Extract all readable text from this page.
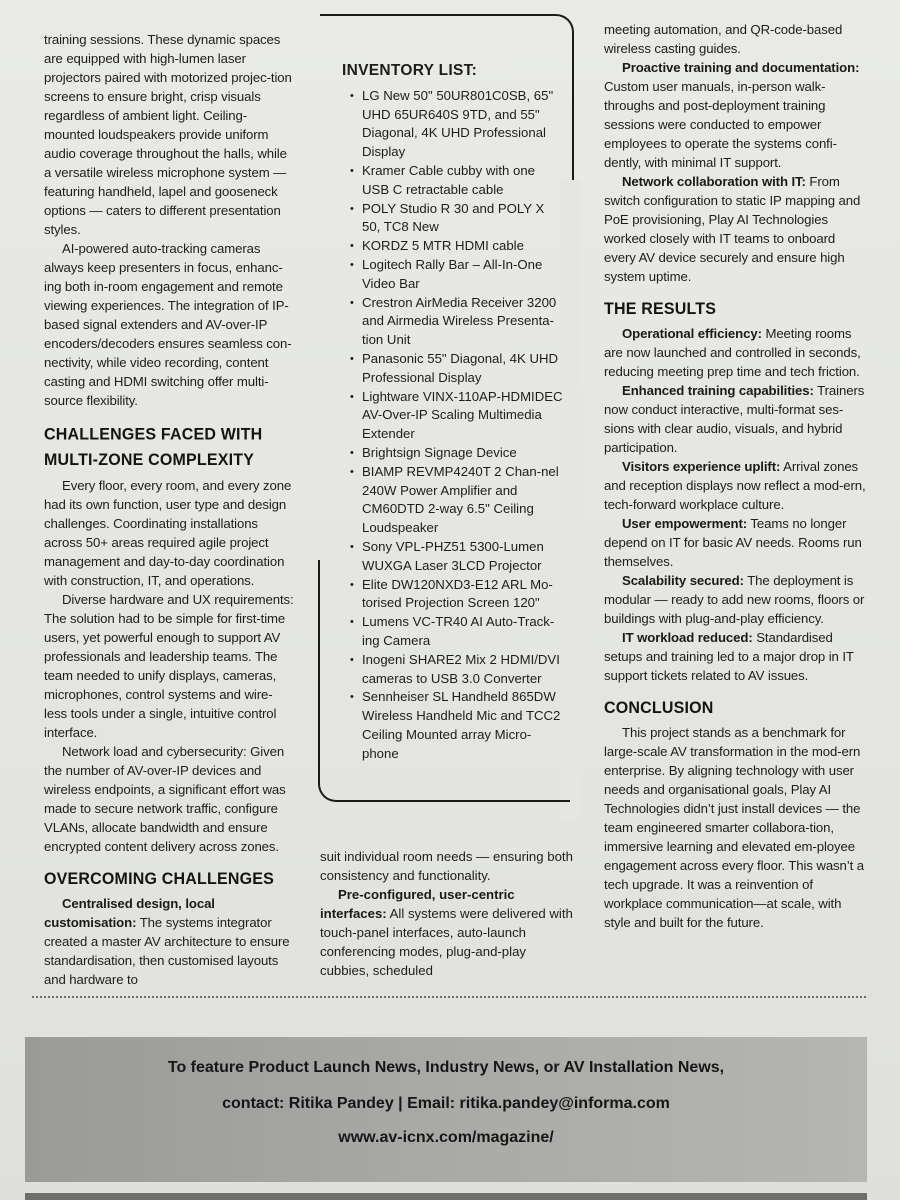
training sessions. These dynamic spaces are equipped with high-lumen laser projectors paired with motorized projec-tion screens to ensure bright, crisp visuals regardless of ambient light. Ceiling-mounted loudspeakers provide uniform audio coverage throughout the halls, while a versatile wireless microphone system — featuring handheld, lapel and gooseneck options — caters to different presentation styles.

AI-powered auto-tracking cameras always keep presenters in focus, enhanc-ing both in-room engagement and remote viewing experiences. The integration of IP-based signal extenders and AV-over-IP encoders/decoders ensures seamless con-nectivity, while video recording, content casting and HDMI switching offer multi-source flexibility.

CHALLENGES FACED WITH MULTI-ZONE COMPLEXITY

Every floor, every room, and every zone had its own function, user type and design challenges. Coordinating installations across 50+ areas required agile project management and day-to-day coordination with construction, IT, and operations.

Diverse hardware and UX requirements: The solution had to be simple for first-time users, yet powerful enough to support AV professionals and leadership teams. The team needed to unify displays, cameras, microphones, control systems and wire-less tools under a single, intuitive control interface.

Network load and cybersecurity: Given the number of AV-over-IP devices and wireless endpoints, a significant effort was made to secure network traffic, configure VLANs, allocate bandwidth and ensure encrypted content delivery across zones.

OVERCOMING CHALLENGES

Centralised design, local customisation: The systems integrator created a master AV architecture to ensure standardisation, then customised layouts and hardware to

INVENTORY LIST:
• LG New 50" 50UR801C0SB, 65" UHD 65UR640S 9TD, and 55" Diagonal, 4K UHD Professional Display
• Kramer Cable cubby with one USB C retractable cable
• POLY Studio R 30 and POLY X 50, TC8 New
• KORDZ 5 MTR HDMI cable
• Logitech Rally Bar – All-In-One Video Bar
• Crestron AirMedia Receiver 3200 and Airmedia Wireless Presenta-tion Unit
• Panasonic 55" Diagonal, 4K UHD Professional Display
• Lightware VINX-110AP-HDMIDEC AV-Over-IP Scaling Multimedia Extender
• Brightsign Signage Device
• BIAMP REVMP4240T 2 Chan-nel 240W Power Amplifier and CM60DTD 2-way 6.5" Ceiling Loudspeaker
• Sony VPL-PHZ51 5300-Lumen WUXGA Laser 3LCD Projector
• Elite DW120NXD3-E12 ARL Mo-torised Projection Screen 120"
• Lumens VC-TR40 AI Auto-Track-ing Camera
• Inogeni SHARE2 Mix 2 HDMI/DVI cameras to USB 3.0 Converter
• Sennheiser SL Handheld 865DW Wireless Handheld Mic and TCC2 Ceiling Mounted array Micro-phone

suit individual room needs — ensuring both consistency and functionality.

Pre-configured, user-centric interfaces: All systems were delivered with touch-panel interfaces, auto-launch conferencing modes, plug-and-play cubbies, scheduled

meeting automation, and QR-code-based wireless casting guides.

Proactive training and documentation: Custom user manuals, in-person walk-throughs and post-deployment training sessions were conducted to empower employees to operate the systems confi-dently, with minimal IT support.

Network collaboration with IT: From switch configuration to static IP mapping and PoE provisioning, Play AI Technologies worked closely with IT teams to onboard every AV device securely and ensure high system uptime.

THE RESULTS

Operational efficiency: Meeting rooms are now launched and controlled in seconds, reducing meeting prep time and tech friction.

Enhanced training capabilities: Trainers now conduct interactive, multi-format ses-sions with clear audio, visuals, and hybrid participation.

Visitors experience uplift: Arrival zones and reception displays now reflect a mod-ern, tech-forward workplace culture.

User empowerment: Teams no longer depend on IT for basic AV needs. Rooms run themselves.

Scalability secured: The deployment is modular — ready to add new rooms, floors or buildings with plug-and-play efficiency.

IT workload reduced: Standardised setups and training led to a major drop in IT support tickets related to AV issues.

CONCLUSION

This project stands as a benchmark for large-scale AV transformation in the mod-ern enterprise. By aligning technology with user needs and organisational goals, Play AI Technologies didn’t just install devices — the team engineered smarter collabora-tion, immersive learning and elevated em-ployee engagement across every floor. This wasn’t a tech upgrade. It was a reinvention of workplace communication—at scale, with style and built for the future.

To feature Product Launch News, Industry News, or AV Installation News,
contact: Ritika Pandey | Email: ritika.pandey@informa.com
www.av-icnx.com/magazine/
